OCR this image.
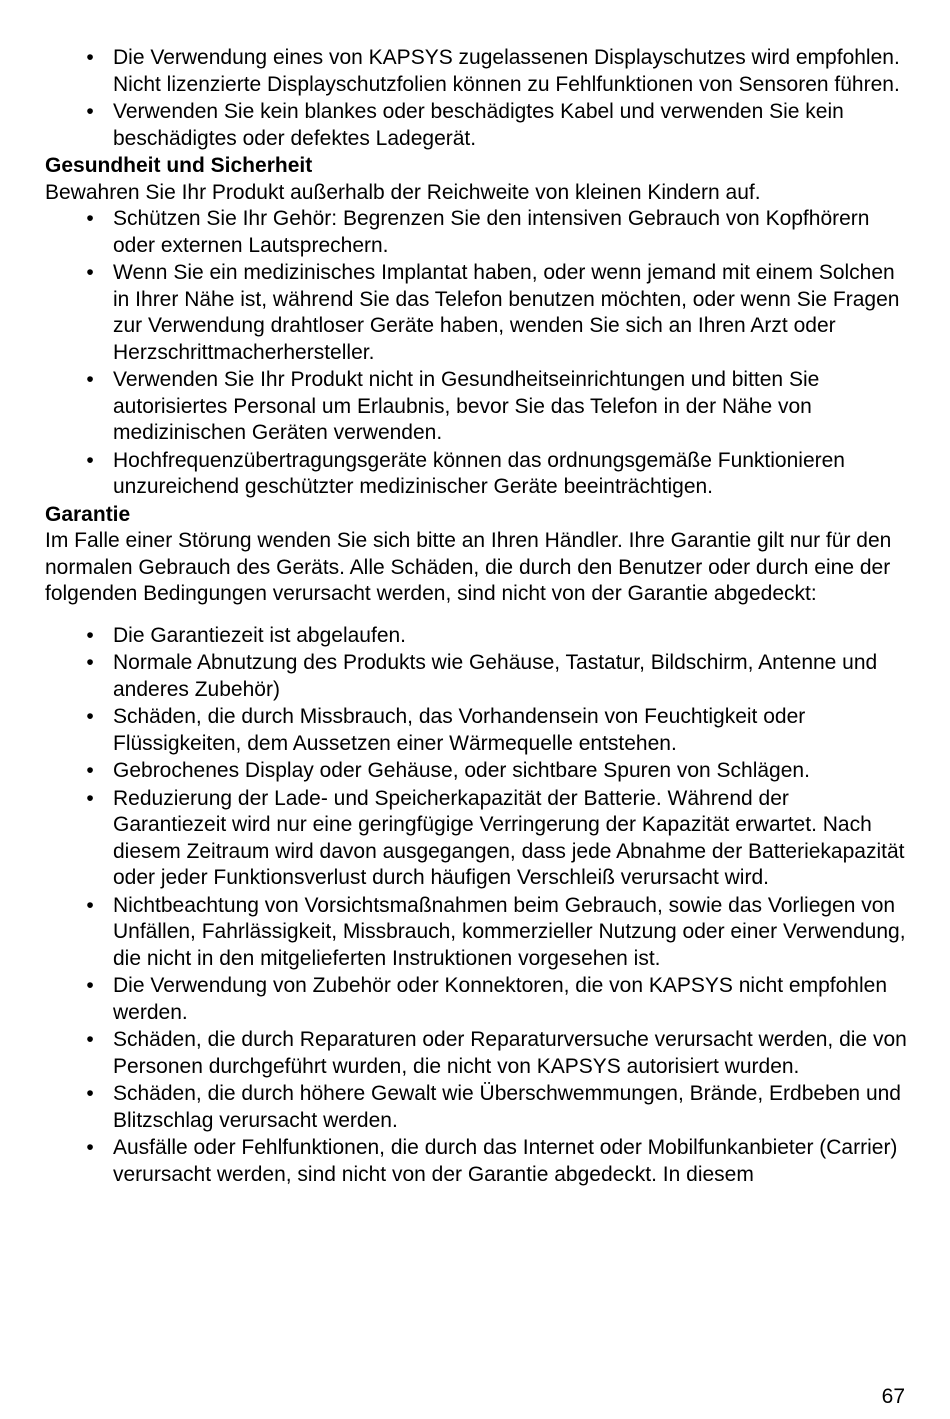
• Die Verwendung eines von KAPSYS zugelassenen Displayschutzes wird empfohlen. Nicht lizenzierte Displayschutzfolien können zu Fehlfunktionen von Sensoren führen.
• Verwenden Sie kein blankes oder beschädigtes Kabel und verwenden Sie kein beschädigtes oder defektes Ladegerät.

Gesundheit und Sicherheit

Bewahren Sie Ihr Produkt außerhalb der Reichweite von kleinen Kindern auf.

• Schützen Sie Ihr Gehör: Begrenzen Sie den intensiven Gebrauch von Kopfhörern oder externen Lautsprechern.
• Wenn Sie ein medizinisches Implantat haben, oder wenn jemand mit einem Solchen in Ihrer Nähe ist, während Sie das Telefon benutzen möchten, oder wenn Sie Fragen zur Verwendung drahtloser Geräte haben, wenden Sie sich an Ihren Arzt oder Herzschrittmacherhersteller.
• Verwenden Sie Ihr Produkt nicht in Gesundheitseinrichtungen und bitten Sie autorisiertes Personal um Erlaubnis, bevor Sie das Telefon in der Nähe von medizinischen Geräten verwenden.
• Hochfrequenzübertragungsgeräte können das ordnungsgemäße Funktionieren unzureichend geschützter medizinischer Geräte beeinträchtigen.

Garantie

Im Falle einer Störung wenden Sie sich bitte an Ihren Händler. Ihre Garantie gilt nur für den normalen Gebrauch des Geräts. Alle Schäden, die durch den Benutzer oder durch eine der folgenden Bedingungen verursacht werden, sind nicht von der Garantie abgedeckt:

• Die Garantiezeit ist abgelaufen.
• Normale Abnutzung des Produkts wie Gehäuse, Tastatur, Bildschirm, Antenne und anderes Zubehör)
• Schäden, die durch Missbrauch, das Vorhandensein von Feuchtigkeit oder Flüssigkeiten, dem Aussetzen einer Wärmequelle entstehen.
• Gebrochenes Display oder Gehäuse, oder sichtbare Spuren von Schlägen.
• Reduzierung der Lade- und Speicherkapazität der Batterie. Während der Garantiezeit wird nur eine geringfügige Verringerung der Kapazität erwartet. Nach diesem Zeitraum wird davon ausgegangen, dass jede Abnahme der Batteriekapazität oder jeder Funktionsverlust durch häufigen Verschleiß verursacht wird.
• Nichtbeachtung von Vorsichtsmaßnahmen beim Gebrauch, sowie das Vorliegen von Unfällen, Fahrlässigkeit, Missbrauch, kommerzieller Nutzung oder einer Verwendung, die nicht in den mitgelieferten Instruktionen vorgesehen ist.
• Die Verwendung von Zubehör oder Konnektoren, die von KAPSYS nicht empfohlen werden.
• Schäden, die durch Reparaturen oder Reparaturversuche verursacht werden, die von Personen durchgeführt wurden, die nicht von KAPSYS autorisiert wurden.
• Schäden, die durch höhere Gewalt wie Überschwemmungen, Brände, Erdbeben und Blitzschlag verursacht werden.
• Ausfälle oder Fehlfunktionen, die durch das Internet oder Mobilfunkanbieter (Carrier) verursacht werden, sind nicht von der Garantie abgedeckt. In diesem
67
